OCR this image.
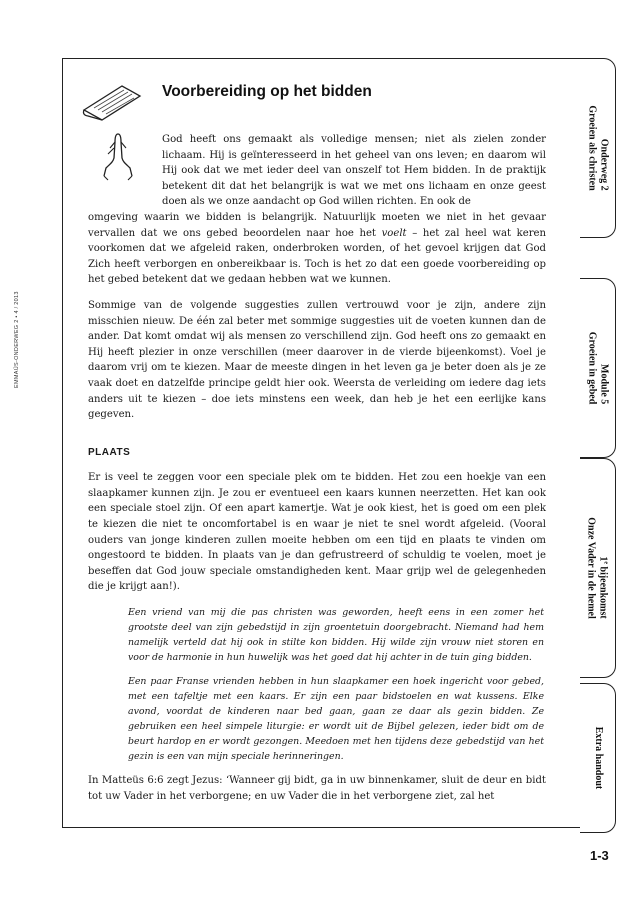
EMMAÜS-ONDERWEG 2 • 4 / 2013
Onderweg 2
Groeien als christen
Module 5
Groeien in gebed
1e bijeenkomst
Onze Vader in de hemel
Extra handout
1-3
Voorbereiding op het bidden

God heeft ons gemaakt als volledige mensen; niet als zielen zonder lichaam. Hij is geïnteresseerd in het geheel van ons leven; en daarom wil Hij ook dat we met ieder deel van onszelf tot Hem bidden. In de praktijk betekent dit dat het belangrijk is wat we met ons lichaam en onze geest doen als we onze aandacht op God willen richten. En ook de

omgeving waarin we bidden is belangrijk. Natuurlijk moeten we niet in het gevaar vervallen dat we ons gebed beoordelen naar hoe het voelt – het zal heel wat keren voorkomen dat we afgeleid raken, onderbroken worden, of het gevoel krijgen dat God Zich heeft verborgen en onbereikbaar is. Toch is het zo dat een goede voorbereiding op het gebed betekent dat we gedaan hebben wat we kunnen.

Sommige van de volgende suggesties zullen vertrouwd voor je zijn, andere zijn misschien nieuw. De één zal beter met sommige suggesties uit de voeten kunnen dan de ander. Dat komt omdat wij als mensen zo verschillend zijn. God heeft ons zo gemaakt en Hij heeft plezier in onze verschillen (meer daarover in de vierde bijeenkomst). Voel je daarom vrij om te kiezen. Maar de meeste dingen in het leven ga je beter doen als je ze vaak doet en datzelfde principe geldt hier ook. Weersta de verleiding om iedere dag iets anders uit te kiezen – doe iets minstens een week, dan heb je het een eerlijke kans gegeven.

PLAATS

Er is veel te zeggen voor een speciale plek om te bidden. Het zou een hoekje van een slaapkamer kunnen zijn. Je zou er eventueel een kaars kunnen neerzetten. Het kan ook een speciale stoel zijn. Of een apart kamertje. Wat je ook kiest, het is goed om een plek te kiezen die niet te oncomfortabel is en waar je niet te snel wordt afgeleid. (Vooral ouders van jonge kinderen zullen moeite hebben om een tijd en plaats te vinden om ongestoord te bidden. In plaats van je dan gefrustreerd of schuldig te voelen, moet je beseffen dat God jouw speciale omstandigheden kent. Maar grijp wel de gelegenheden die je krijgt aan!).

Een vriend van mij die pas christen was geworden, heeft eens in een zomer het grootste deel van zijn gebedstijd in zijn groentetuin doorgebracht. Niemand had hem namelijk verteld dat hij ook in stilte kon bidden. Hij wilde zijn vrouw niet storen en voor de harmonie in hun huwelijk was het goed dat hij achter in de tuin ging bidden.

Een paar Franse vrienden hebben in hun slaapkamer een hoek ingericht voor gebed, met een tafeltje met een kaars. Er zijn een paar bidstoelen en wat kussens. Elke avond, voordat de kinderen naar bed gaan, gaan ze daar als gezin bidden. Ze gebruiken een heel simpele liturgie: er wordt uit de Bijbel gelezen, ieder bidt om de beurt hardop en er wordt gezongen. Meedoen met hen tijdens deze gebedstijd van het gezin is een van mijn speciale herinneringen.

In Matteüs 6:6 zegt Jezus: ‘Wanneer gij bidt, ga in uw binnenkamer, sluit de deur en bidt tot uw Vader in het verborgene; en uw Vader die in het verborgene ziet, zal het
